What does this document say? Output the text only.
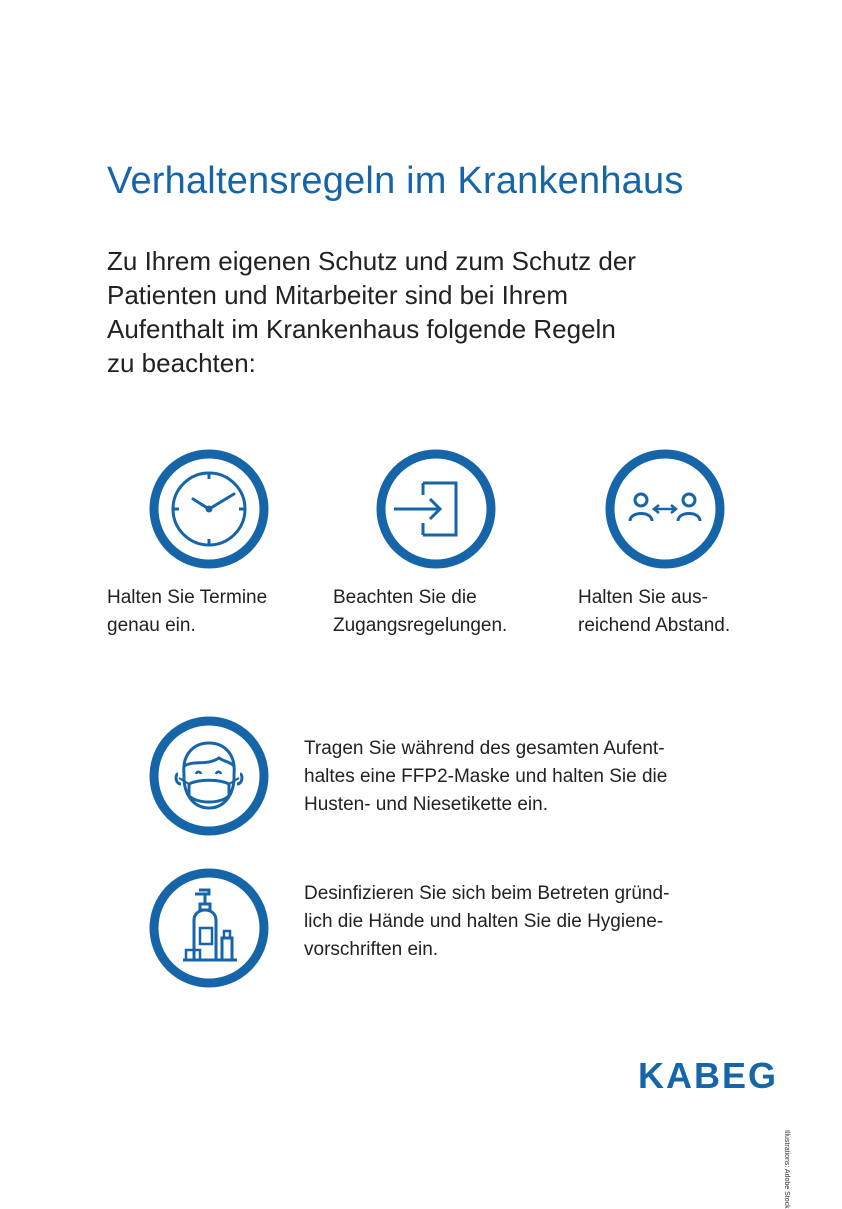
Verhaltensregeln im Krankenhaus

Zu Ihrem eigenen Schutz und zum Schutz der
Patienten und Mitarbeiter sind bei Ihrem
Aufenthalt im Krankenhaus folgende Regeln
zu beachten:

Halten Sie Termine
genau ein.

Beachten Sie die
Zugangsregelungen.

Halten Sie aus-
reichend Abstand.

Tragen Sie während des gesamten Aufent-
haltes eine FFP2-Maske und halten Sie die
Husten- und Niesetikette ein.

Desinfizieren Sie sich beim Betreten gründ-
lich die Hände und halten Sie die Hygiene-
vorschriften ein.

KABEG
Illustrations: Adobe Stock
